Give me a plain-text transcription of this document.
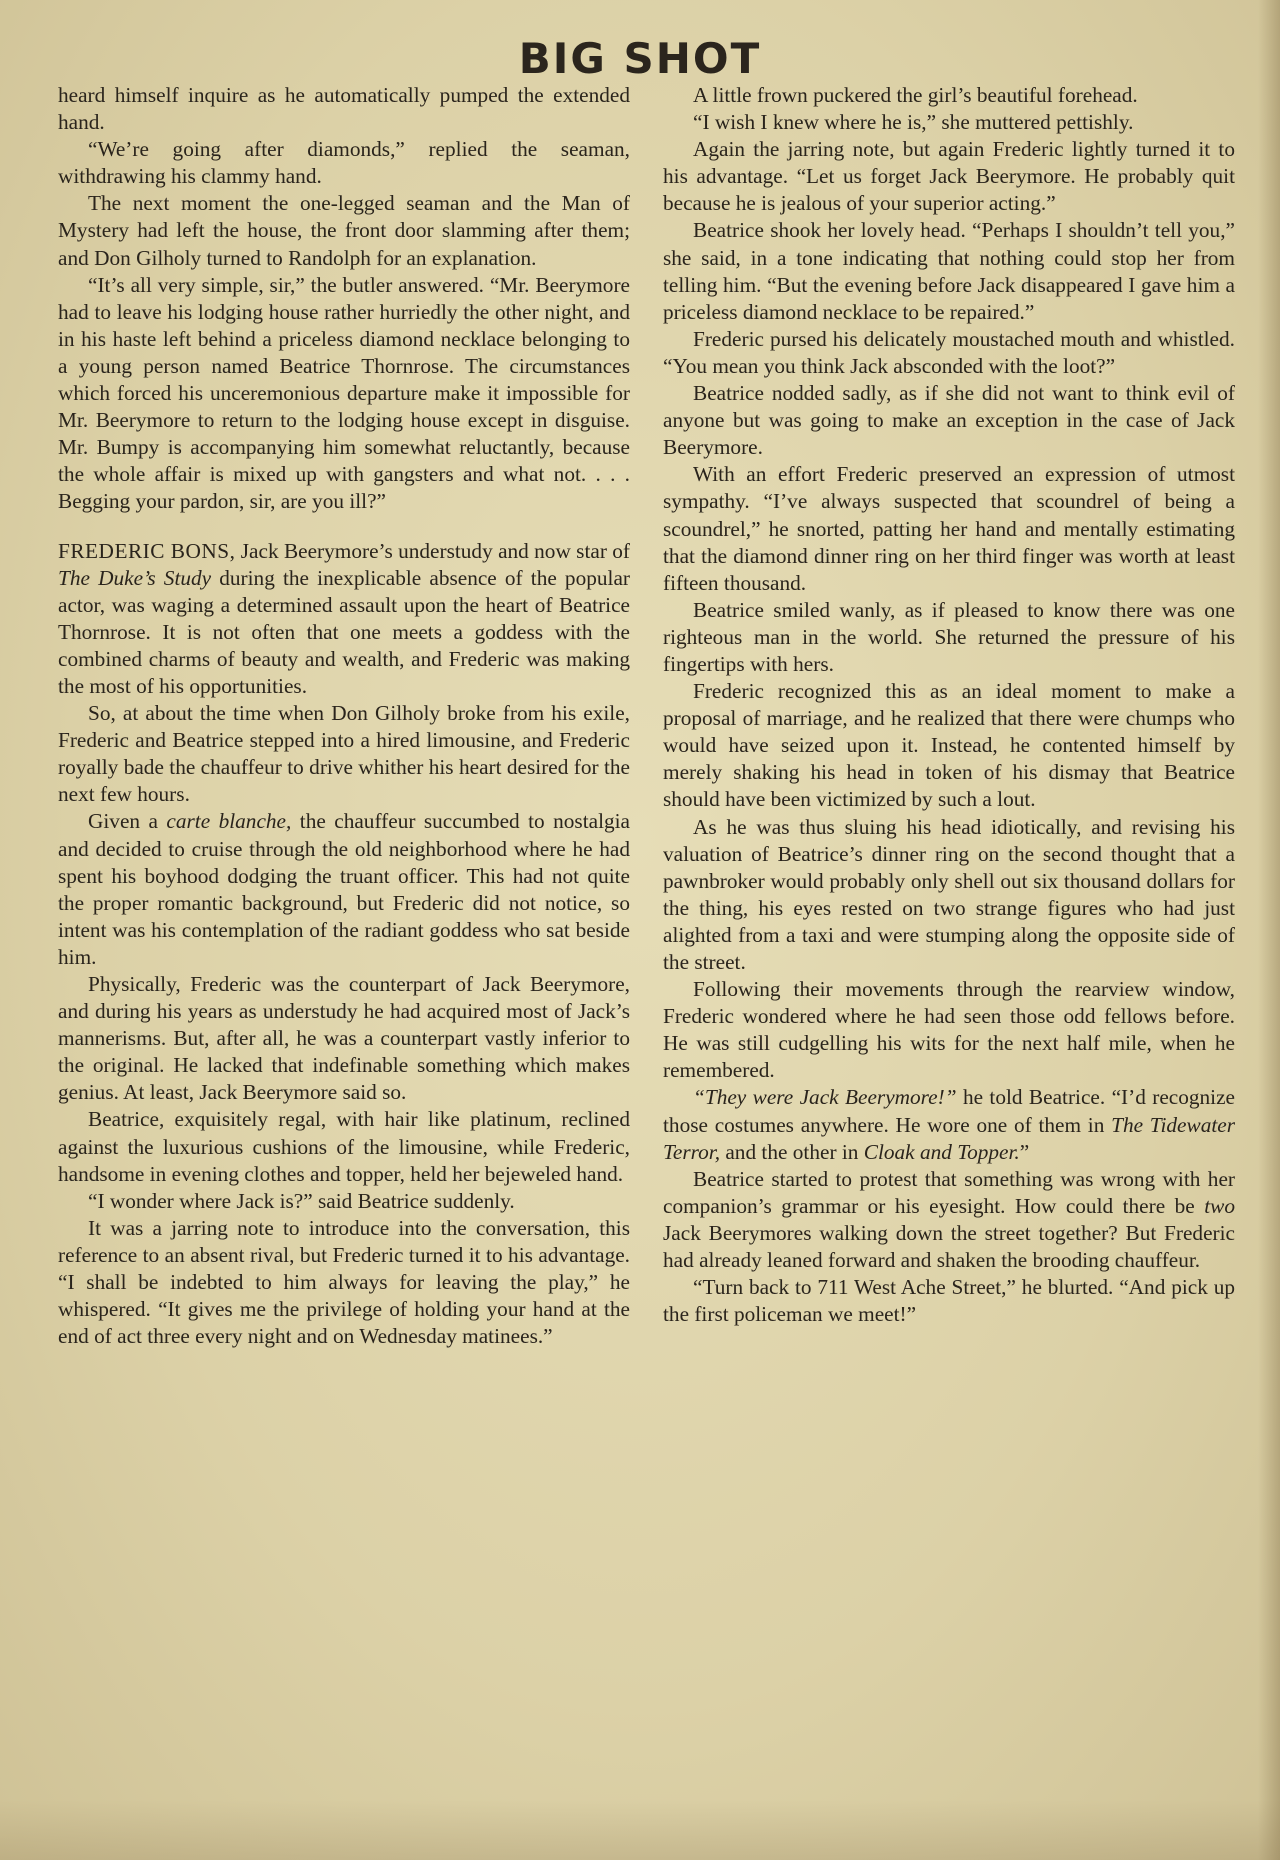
BIG SHOT

heard himself inquire as he automatically pumped the extended hand.

“We’re going after diamonds,” replied the seaman, withdrawing his clammy hand.

The next moment the one-legged seaman and the Man of Mystery had left the house, the front door slamming after them; and Don Gilholy turned to Randolph for an explanation.

“It’s all very simple, sir,” the butler answered. “Mr. Beerymore had to leave his lodging house rather hurriedly the other night, and in his haste left behind a priceless diamond necklace belonging to a young person named Beatrice Thornrose. The circumstances which forced his unceremonious departure make it impossible for Mr. Beerymore to return to the lodging house except in disguise. Mr. Bumpy is accompanying him somewhat reluctantly, because the whole affair is mixed up with gangsters and what not. . . . Begging your pardon, sir, are you ill?”

FREDERIC BONS, Jack Beerymore’s understudy and now star of The Duke’s Study during the inexplicable absence of the popular actor, was waging a determined assault upon the heart of Beatrice Thornrose. It is not often that one meets a goddess with the combined charms of beauty and wealth, and Frederic was making the most of his opportunities.

So, at about the time when Don Gilholy broke from his exile, Frederic and Beatrice stepped into a hired limousine, and Frederic royally bade the chauffeur to drive whither his heart desired for the next few hours.

Given a carte blanche, the chauffeur succumbed to nostalgia and decided to cruise through the old neighborhood where he had spent his boyhood dodging the truant officer. This had not quite the proper romantic background, but Frederic did not notice, so intent was his contemplation of the radiant goddess who sat beside him.

Physically, Frederic was the counterpart of Jack Beerymore, and during his years as understudy he had acquired most of Jack’s mannerisms. But, after all, he was a counterpart vastly inferior to the original. He lacked that indefinable something which makes genius. At least, Jack Beerymore said so.

Beatrice, exquisitely regal, with hair like platinum, reclined against the luxurious cushions of the limousine, while Frederic, handsome in evening clothes and topper, held her bejeweled hand.

“I wonder where Jack is?” said Beatrice suddenly.

It was a jarring note to introduce into the conversation, this reference to an absent rival, but Frederic turned it to his advantage. “I shall be indebted to him always for leaving the play,” he whispered. “It gives me the privilege of holding your hand at the end of act three every night and on Wednesday matinees.”

A little frown puckered the girl’s beautiful forehead.

“I wish I knew where he is,” she muttered pettishly.

Again the jarring note, but again Frederic lightly turned it to his advantage. “Let us forget Jack Beerymore. He probably quit because he is jealous of your superior acting.”

Beatrice shook her lovely head. “Perhaps I shouldn’t tell you,” she said, in a tone indicating that nothing could stop her from telling him. “But the evening before Jack disappeared I gave him a priceless diamond necklace to be repaired.”

Frederic pursed his delicately moustached mouth and whistled. “You mean you think Jack absconded with the loot?”

Beatrice nodded sadly, as if she did not want to think evil of anyone but was going to make an exception in the case of Jack Beerymore.

With an effort Frederic preserved an expression of utmost sympathy. “I’ve always suspected that scoundrel of being a scoundrel,” he snorted, patting her hand and mentally estimating that the diamond dinner ring on her third finger was worth at least fifteen thousand.

Beatrice smiled wanly, as if pleased to know there was one righteous man in the world. She returned the pressure of his fingertips with hers.

Frederic recognized this as an ideal moment to make a proposal of marriage, and he realized that there were chumps who would have seized upon it. Instead, he contented himself by merely shaking his head in token of his dismay that Beatrice should have been victimized by such a lout.

As he was thus sluing his head idiotically, and revising his valuation of Beatrice’s dinner ring on the second thought that a pawnbroker would probably only shell out six thousand dollars for the thing, his eyes rested on two strange figures who had just alighted from a taxi and were stumping along the opposite side of the street.

Following their movements through the rearview window, Frederic wondered where he had seen those odd fellows before. He was still cudgelling his wits for the next half mile, when he remembered.

“They were Jack Beerymore!” he told Beatrice. “I’d recognize those costumes anywhere. He wore one of them in The Tidewater Terror, and the other in Cloak and Topper.”

Beatrice started to protest that something was wrong with her companion’s grammar or his eyesight. How could there be two Jack Beerymores walking down the street together? But Frederic had already leaned forward and shaken the brooding chauffeur.

“Turn back to 711 West Ache Street,” he blurted. “And pick up the first policeman we meet!”
